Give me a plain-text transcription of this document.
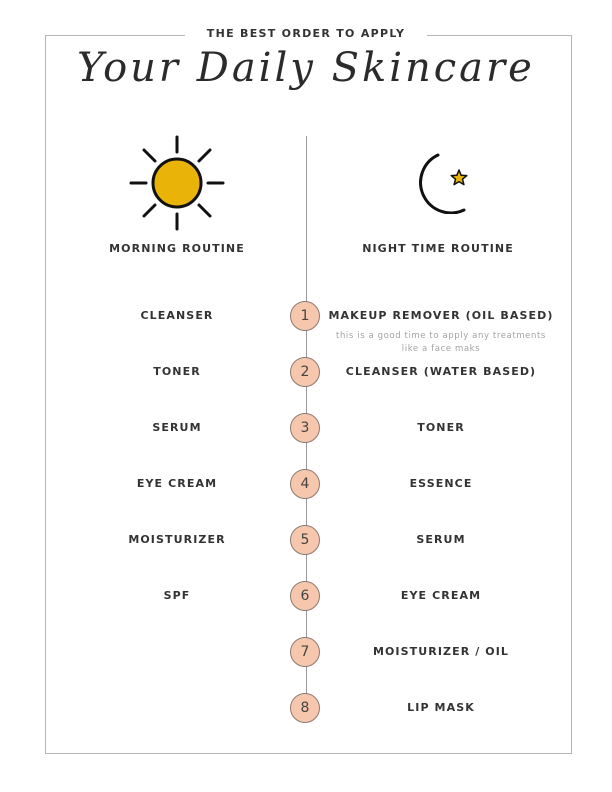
THE BEST ORDER TO APPLY
Your Daily Skincare
MORNING ROUTINE	NIGHT TIME ROUTINE
CLEANSER
TONER
SERUM
EYE CREAM
MOISTURIZER
SPF
1
2
3
4
5
6
7
8
MAKEUP REMOVER (OIL BASED)
this is a good time to apply any treatments like a face maks
CLEANSER (WATER BASED)
TONER
ESSENCE
SERUM
EYE CREAM
MOISTURIZER / OIL
LIP MASK
